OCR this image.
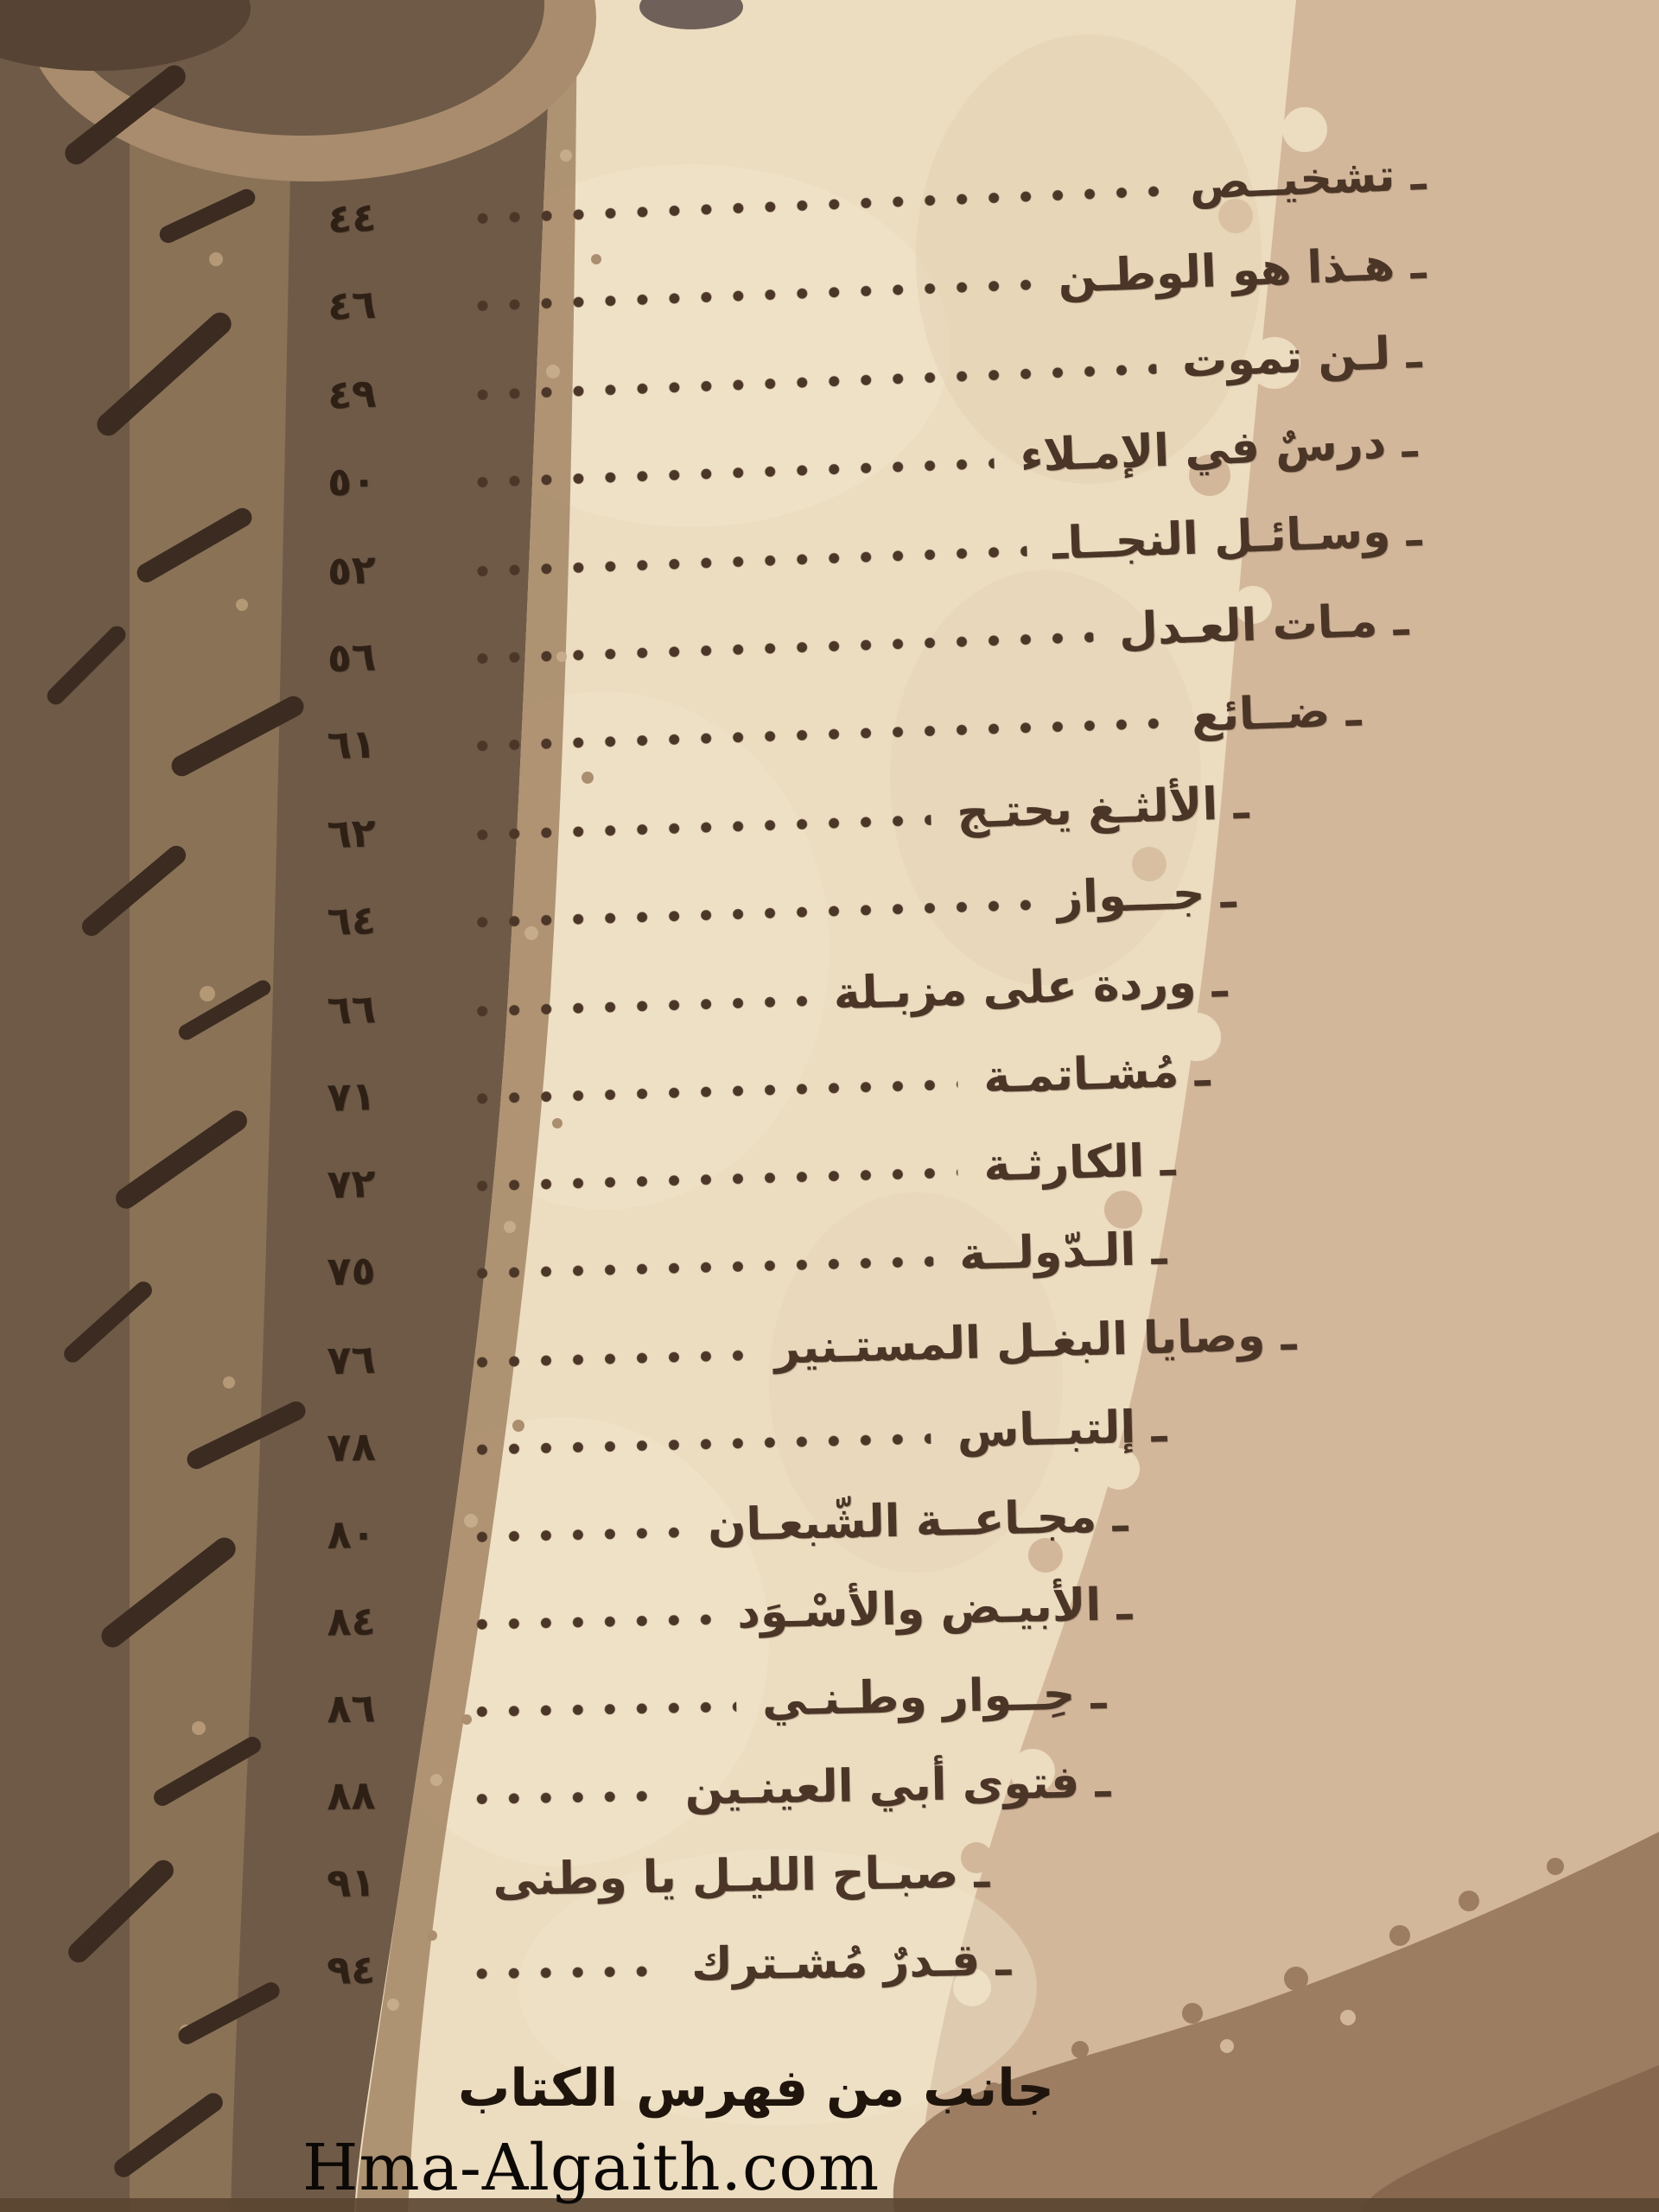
ـ تشخيــص
٤٤
ـ هـذا هو الوطـن
٤٦
ـ لـن تموت
٤٩
ـ درسٌ في الإمـلاء
٥٠
ـ وسـائـل النجــاـ
٥٢
ـ مـات العـدل
٥٦
ـ ضــائع
٦١
ـ الألثـغ يحتـج
٦٢
ـ جـــواز
٦٤
ـ وردة على مزبـلة
٦٦
ـ مُشـاتمـة
٧١
ـ الكارثـة
٧٢
ـ الـدّولــة
٧٥
ـ وصايا البغـل المستـنير
٧٦
ـ إلتبــاس
٧٨
ـ مجـاعــة الشّبعـان
٨٠
ـ الأبيـض والأسْـوَد
٨٤
ـ حِــوار وطـنـي
٨٦
ـ فتوى أبي العينـين
٨٨
ـ صبـاح الليـل يا وطنى
٩١
ـ قـدرٌ مُشـترك
٩٤
جانب من فهرس الكتاب
Hma-Algaith.com
